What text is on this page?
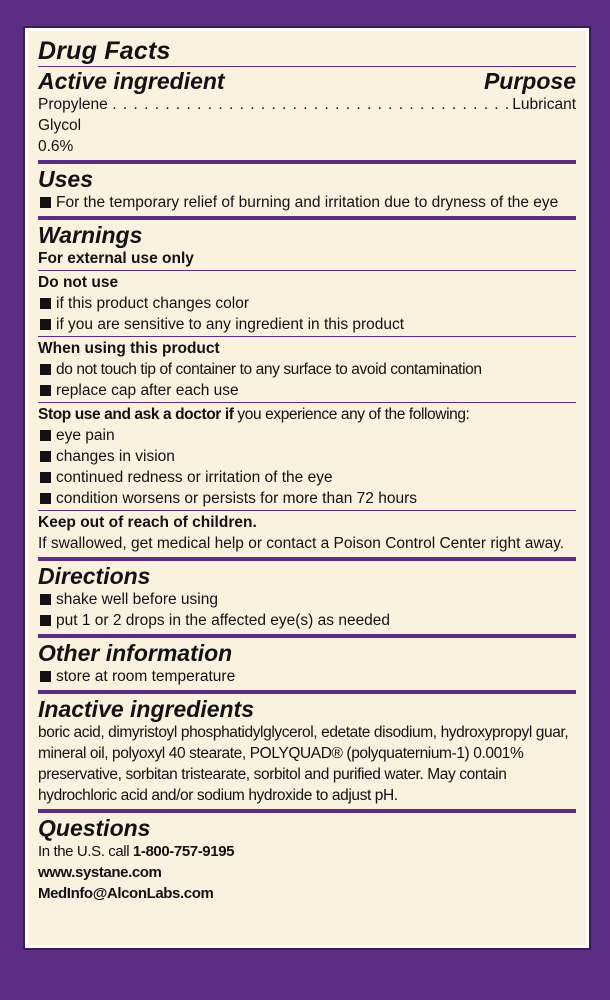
Drug Facts
Active ingredient	Purpose
Propylene Glycol 0.6%
. . . . . . . . . . . . . . . . . . . . . . . . . . . . . . . . . . . . . . Lubricant
Uses
For the temporary relief of burning and irritation due to dryness of the eye
Warnings
For external use only
Do not use
if this product changes color
if you are sensitive to any ingredient in this product
When using this product
do not touch tip of container to any surface to avoid contamination
replace cap after each use
Stop use and ask a doctor if you experience any of the following:
eye pain
changes in vision
continued redness or irritation of the eye
condition worsens or persists for more than 72 hours
Keep out of reach of children.
If swallowed, get medical help or contact a Poison Control Center right away.
Directions
shake well before using
put 1 or 2 drops in the affected eye(s) as needed
Other information
store at room temperature
Inactive ingredients
boric acid, dimyristoyl phosphatidylglycerol, edetate disodium, hydroxypropyl guar, mineral oil, polyoxyl 40 stearate, POLYQUAD® (polyquaternium-1) 0.001% preservative, sorbitan tristearate, sorbitol and purified water. May contain hydrochloric acid and/or sodium hydroxide to adjust pH.
Questions
In the U.S. call 1-800-757-9195
www.systane.com
MedInfo@AlconLabs.com
